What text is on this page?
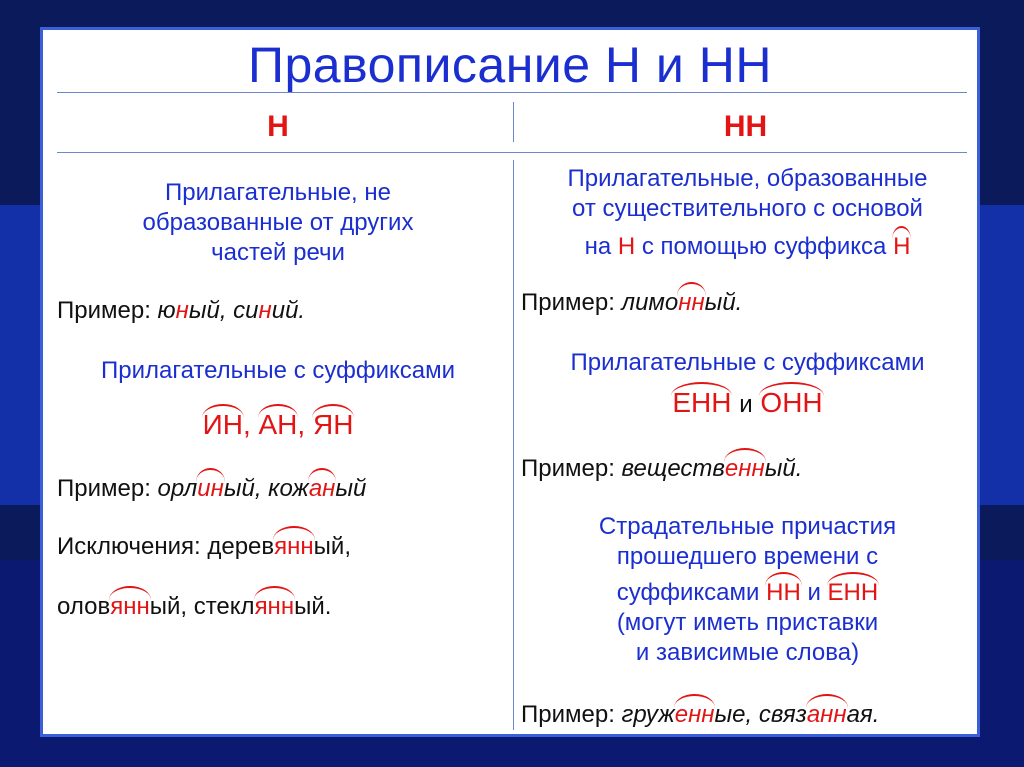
Правописание Н и НН
Н	НН
Прилагательные, не
образованные от других
частей речи
Пример: юный, синий.
Прилагательные с суффиксами
ИН, АН, ЯН
Пример: орлиный, кожаный
Исключения: деревянный,
оловянный, стеклянный.
Прилагательные, образованные
от существительного с основой
на Н с помощью суффикса Н
Пример: лимонный.
Прилагательные с суффиксами
ЕНН и ОНН
Пример: вещественный.
Страдательные причастия
прошедшего времени с
суффиксами НН и ЕНН
(могут иметь приставки
и зависимые слова)
Пример: груженные, связанная.
